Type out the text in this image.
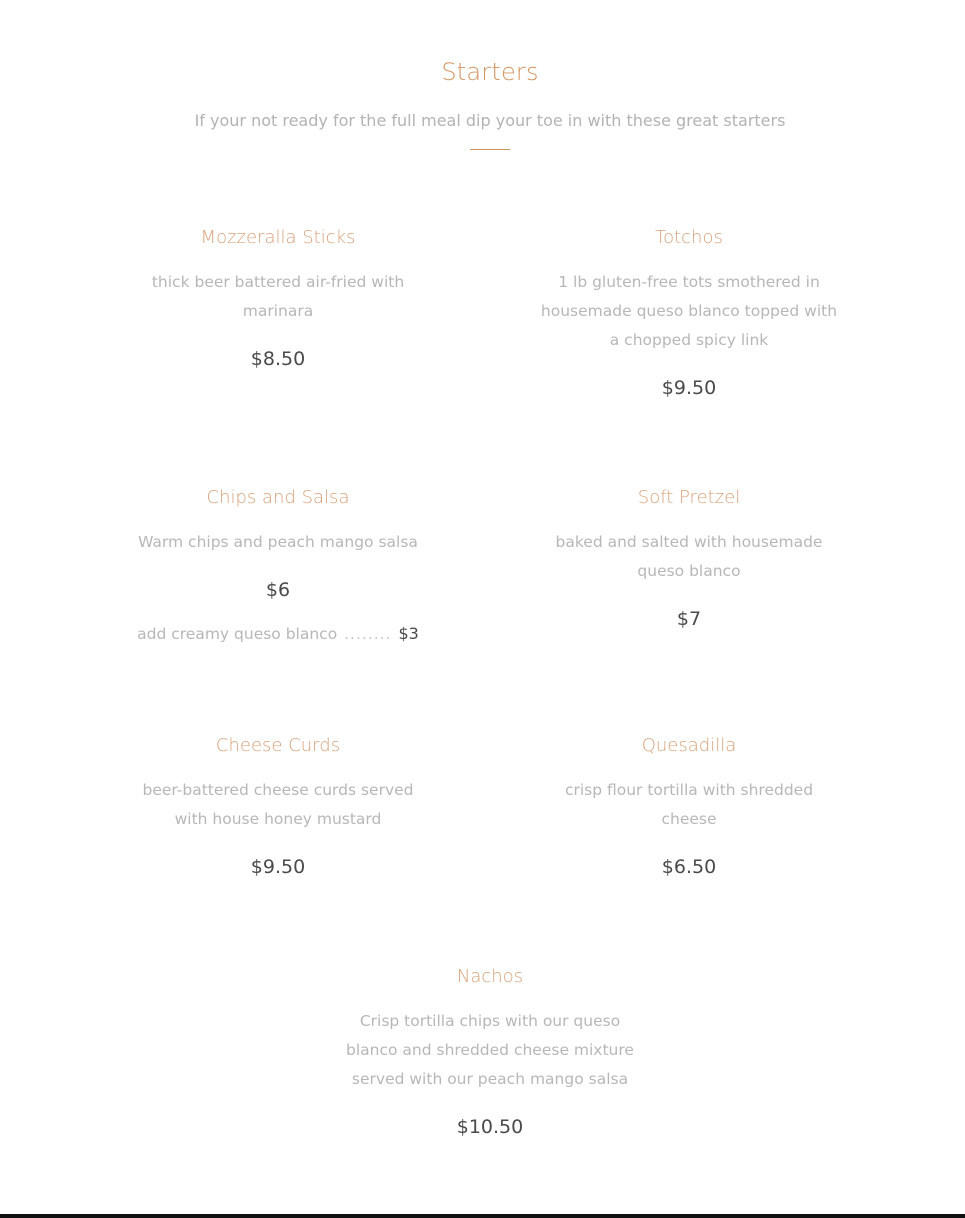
Starters
If your not ready for the full meal dip your toe in with these great starters
Mozzeralla Sticks
thick beer battered air-fried with marinara
$8.50
Totchos
1 lb gluten-free tots smothered in housemade queso blanco topped with a chopped spicy link
$9.50
Chips and Salsa
Warm chips and peach mango salsa
$6
add creamy queso blanco ........ $3
Soft Pretzel
baked and salted with housemade queso blanco
$7
Cheese Curds
beer-battered cheese curds served with house honey mustard
$9.50
Quesadilla
crisp flour tortilla with shredded cheese
$6.50
Nachos
Crisp tortilla chips with our queso blanco and shredded cheese mixture served with our peach mango salsa
$10.50
